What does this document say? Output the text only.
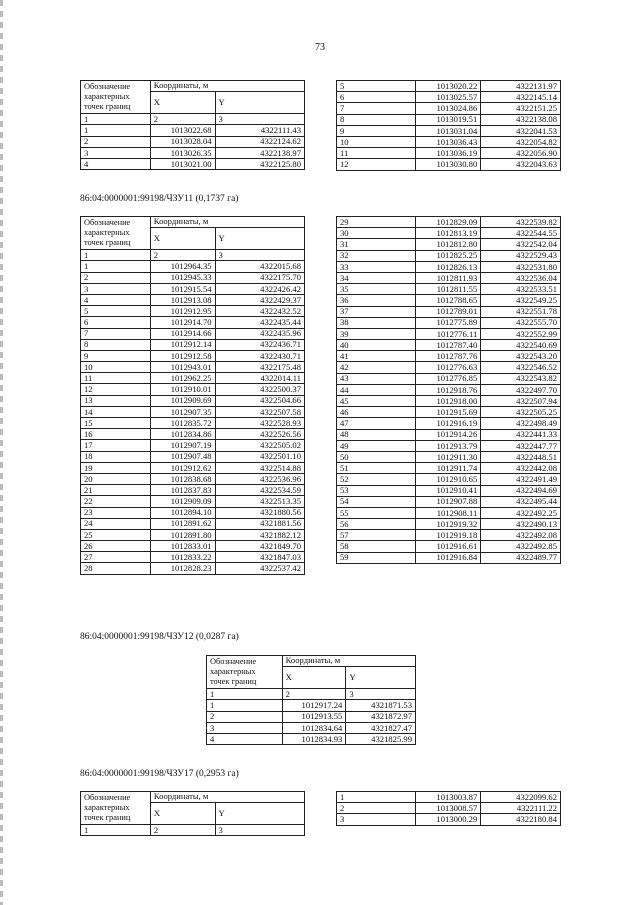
73
Обозначение
характерных
точек границ	Координаты, м	
	X	Y
1	2	3
1	1013022.68	4322111.43
2	1013028.04	4322124.62
3	1013026.35	4322138.97
4	1013021.00	4322125.80
5	1013020.22	4322131.97
6	1013025.57	4322145.14
7	1013024.86	4322151.25
8	1013019.51	4322138.08
9	1013031.04	4322041.53
10	1013036.43	4322054.82
11	1013036.19	4322056.90
12	1013030.80	4322043.63
86:04:0000001:99198/ЧЗУ11 (0,1737 га)
Обозначение
характерных
точек границ	Координаты, м	
	X	Y
1	2	3
1	1012964.35	4322015.68
2	1012945.33	4322175.70
3	1012915.54	4322426.42
4	1012913.08	4322429.37
5	1012912.95	4322432.52
6	1012914.70	4322435.44
7	1012914.66	4322435.96
8	1012912.14	4322436.71
9	1012912.58	4322430.71
10	1012943.01	4322175.48
11	1012962.25	4322014.11
12	1012910.01	4322500.37
13	1012909.69	4322504.66
14	1012907.35	4322507.58
15	1012835.72	4322528.93
16	1012834.86	4322526.56
17	1012907.19	4322505.02
18	1012907.48	4322501.10
19	1012912.62	4322514.88
20	1012838.68	4322536.96
21	1012837.83	4322534.59
22	1012909.09	4322513.35
23	1012894.10	4321880.56
24	1012891.62	4321881.56
25	1012891.80	4321882.12
26	1012833.01	4321849.70
27	1012833.22	4321847.03
28	1012828.23	4322537.42
29	1012829.09	4322539.82
30	1012813.19	4322544.55
31	1012812.80	4322542.04
32	1012825.25	4322529.43
33	1012826.13	4322531.80
34	1012811.93	4322536.04
35	1012811.55	4322533.51
36	1012788.65	4322549.25
37	1012789.01	4322551.78
38	1012775.89	4322555.70
39	1012776.11	4322552.99
40	1012787.40	4322540.69
41	1012787.76	4322543.20
42	1012776.63	4322546.52
43	1012776.85	4322543.82
44	1012918.76	4322497.70
45	1012918.00	4322507.94
46	1012915.69	4322505.25
47	1012916.19	4322498.49
48	1012914.26	4322441.33
49	1012913.79	4322447.77
50	1012911.30	4322448.51
51	1012911.74	4322442.08
52	1012910.65	4322491.49
53	1012910.41	4322494.69
54	1012907.88	4322495.44
55	1012908.11	4322492.25
56	1012919.32	4322490.13
57	1012919.18	4322492.08
58	1012916.61	4322492.85
59	1012916.84	4322489.77
86:04:0000001:99198/ЧЗУ12 (0,0287 га)
Обозначение
характерных
точек границ	Координаты, м	
	X	Y
1	2	3
1	1012917.24	4321871.53
2	1012913.55	4321872.97
3	1012834.64	4321827.47
4	1012834.93	4321825.99
86:04:0000001:99198/ЧЗУ17 (0,2953 га)
Обозначение
характерных
точек границ	Координаты, м	
	X	Y
1	2	3
1	1013003.87	4322099.62
2	1013008.57	4322111.22
3	1013000.29	4322180.84
